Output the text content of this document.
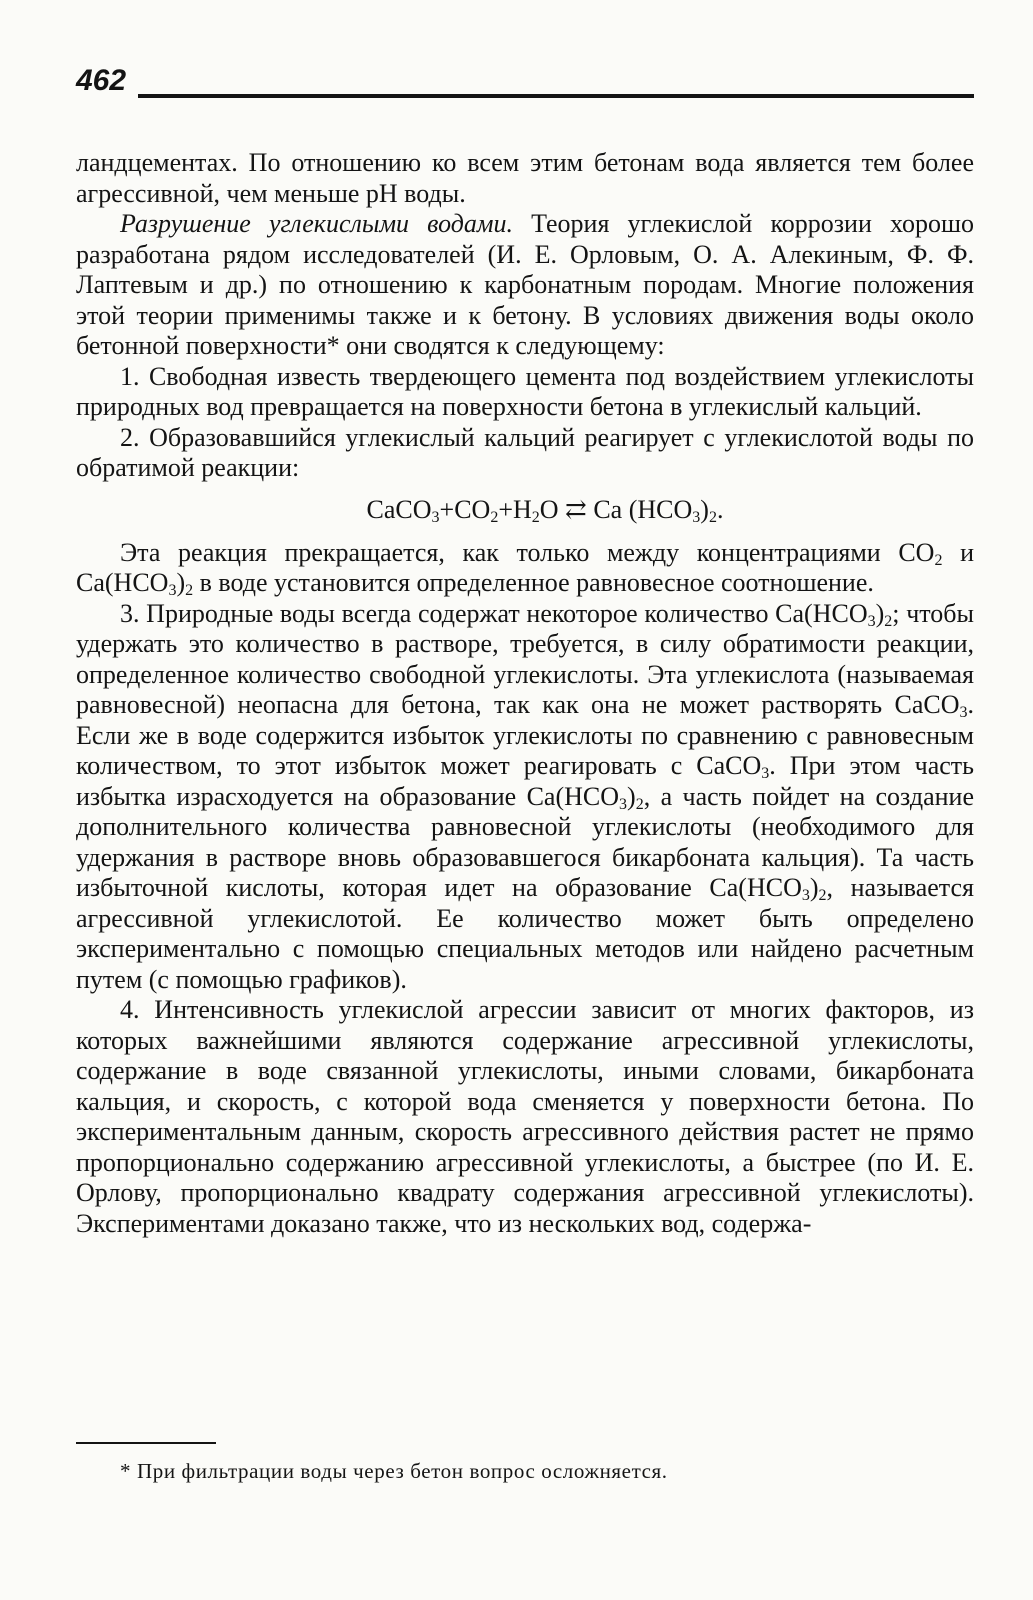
462

ландцементах. По отношению ко всем этим бетонам вода является тем более агрессивной, чем меньше рН воды.

Разрушение углекислыми водами. Теория углекислой коррозии хорошо разработана рядом исследователей (И. Е. Орловым, О. А. Алекиным, Ф. Ф. Лаптевым и др.) по отношению к карбонатным породам. Многие положения этой теории применимы также и к бетону. В условиях движения воды около бетонной поверхности* они сводятся к следующему:

1. Свободная известь твердеющего цемента под воздействием углекислоты природных вод превращается на поверхности бетона в углекислый кальций.

2. Образовавшийся углекислый кальций реагирует с углекислотой воды по обратимой реакции:

$CaCO_3+CO_2+H_2O$ ⇄ Ca $(HCO_3)_2$.

Эта реакция прекращается, как только между концентрациями $CO_2$ и $Ca(HCO_3)_2$ в воде установится определенное равновесное соотношение.

3. Природные воды всегда содержат некоторое количество $Ca(HCO_3)_2$; чтобы удержать это количество в растворе, требуется, в силу обратимости реакции, определенное количество свободной углекислоты. Эта углекислота (называемая равновесной) неопасна для бетона, так как она не может растворять CaCO$_3$. Если же в воде содержится избыток углекислоты по сравнению с равновесным количеством, то этот избыток может реагировать с CaCO$_3$. При этом часть избытка израсходуется на образование $Ca(HCO_3)_2$, а часть пойдет на создание дополнительного количества равновесной углекислоты (необходимого для удержания в растворе вновь образовавшегося бикарбоната кальция). Та часть избыточной кислоты, которая идет на образование $Ca(HCO_3)_2$, называется агрессивной углекислотой. Ее количество может быть определено экспериментально с помощью специальных методов или найдено расчетным путем (с помощью графиков).

4. Интенсивность углекислой агрессии зависит от многих факторов, из которых важнейшими являются содержание агрессивной углекислоты, содержание в воде связанной углекислоты, иными словами, бикарбоната кальция, и скорость, с которой вода сменяется у поверхности бетона. По экспериментальным данным, скорость агрессивного действия растет не прямо пропорционально содержанию агрессивной углекислоты, а быстрее (по И. Е. Орлову, пропорционально квадрату содержания агрессивной углекислоты). Экспериментами доказано также, что из нескольких вод, содержа-

* При фильтрации воды через бетон вопрос осложняется.
